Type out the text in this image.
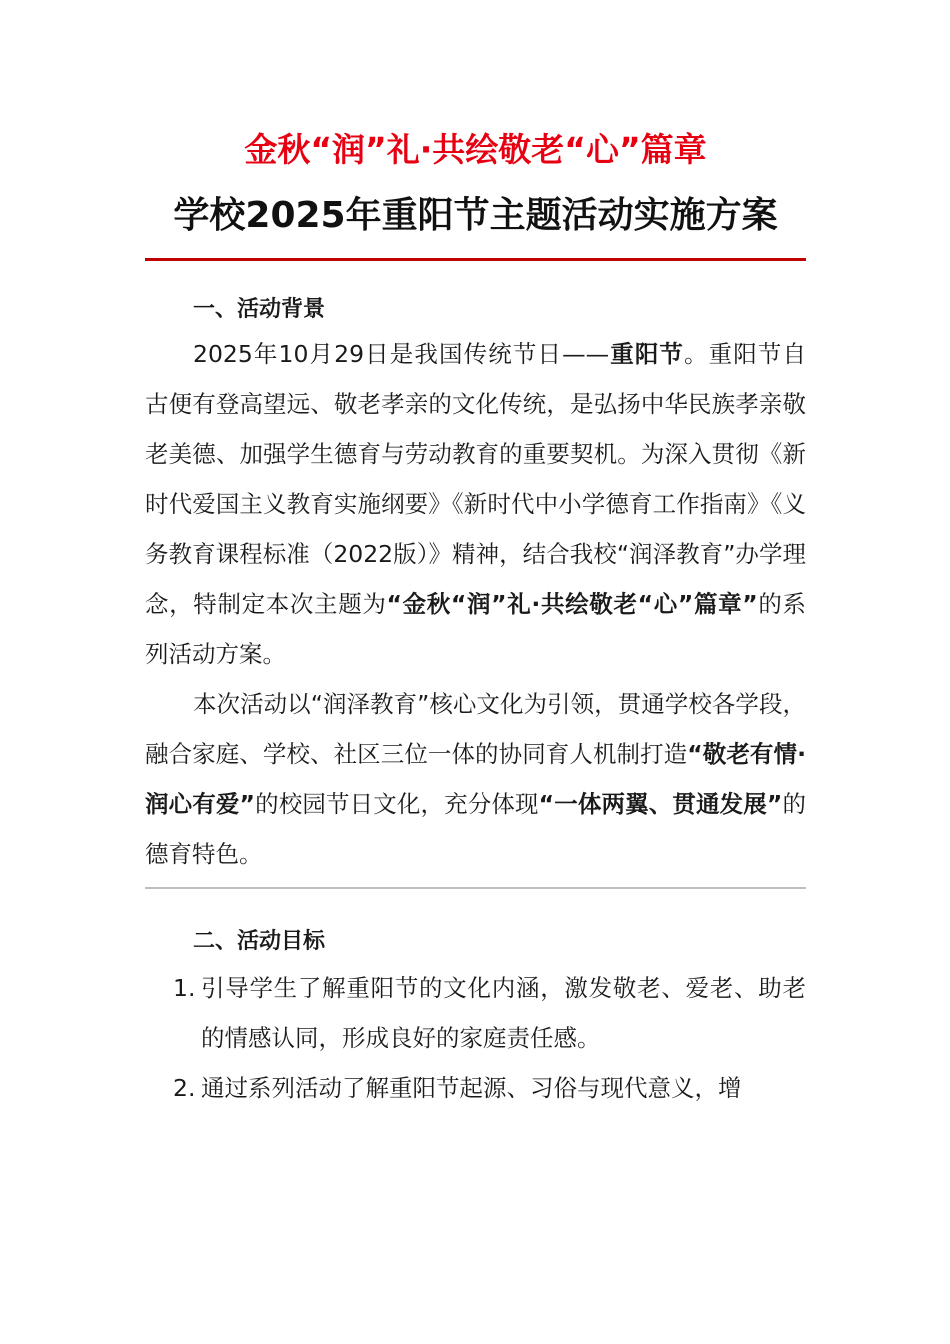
金秋“润”礼·共绘敬老“心”篇章
学校2025年重阳节主题活动实施方案
一、活动背景

2025年10月29日是我国传统节日——重阳节。重阳节自古便有登高望远、敬老孝亲的文化传统，是弘扬中华民族孝亲敬老美德、加强学生德育与劳动教育的重要契机。为深入贯彻《新时代爱国主义教育实施纲要》《新时代中小学德育工作指南》《义务教育课程标准（2022版）》精神，结合我校“润泽教育”办学理念，特制定本次主题为“金秋“润”礼·共绘敬老“心”篇章”的系列活动方案。

本次活动以“润泽教育”核心文化为引领，贯通学校各学段，融合家庭、学校、社区三位一体的协同育人机制打造“敬老有情·润心有爱”的校园节日文化，充分体现“一体两翼、贯通发展”的德育特色。

二、活动目标
1. 引导学生了解重阳节的文化内涵，激发敬老、爱老、助老的情感认同，形成良好的家庭责任感。
2. 通过系列活动了解重阳节起源、习俗与现代意义，增
